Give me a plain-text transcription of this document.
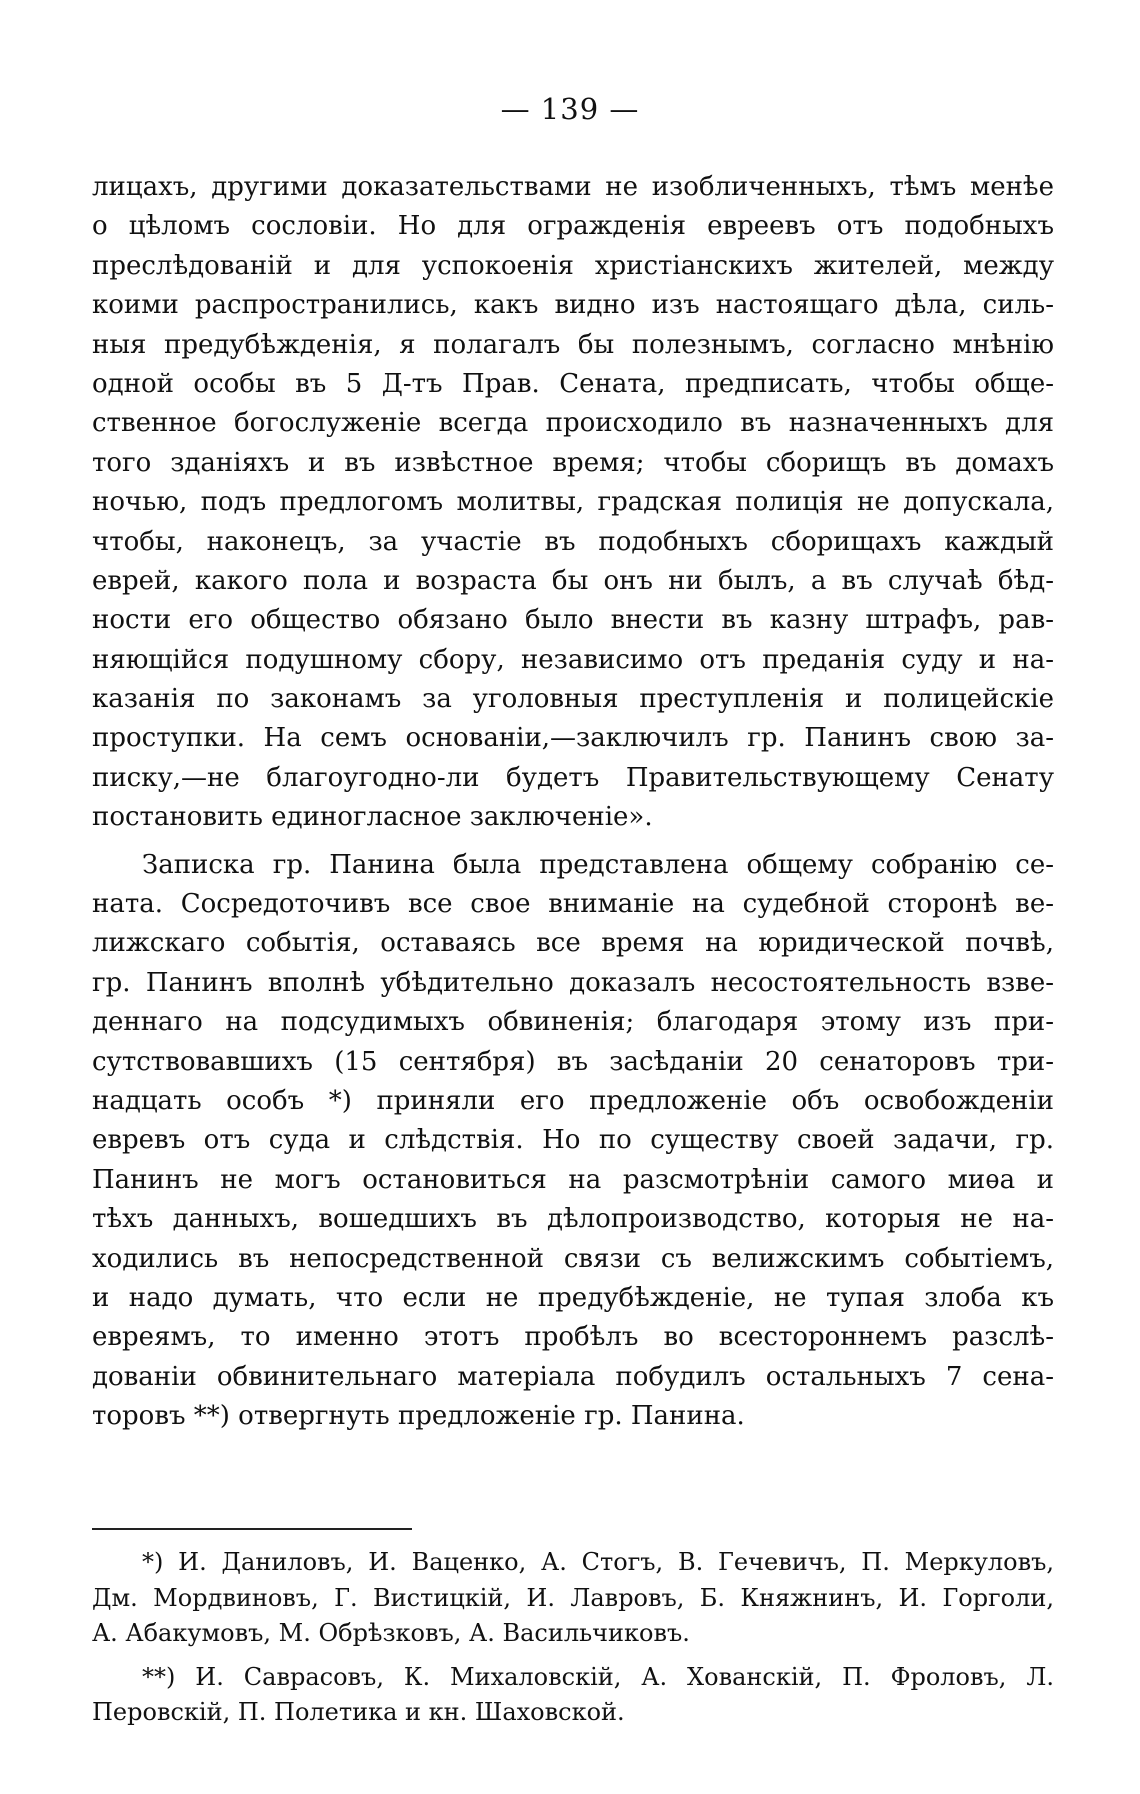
— 139 —
лицахъ, другими доказательствами не изобличенныхъ, тѣмъ менѣе
о цѣломъ сословіи. Но для огражденія евреевъ отъ подобныхъ
преслѣдованій и для успокоенія христіанскихъ жителей, между
коими распространились, какъ видно изъ настоящаго дѣла, силь-
ныя предубѣжденія, я полагалъ бы полезнымъ, согласно мнѣнію
одной особы въ 5 Д-тъ Прав. Сената, предписать, чтобы обще-
ственное богослуженіе всегда происходило въ назначенныхъ для
того зданіяхъ и въ извѣстное время; чтобы сборищъ въ домахъ
ночью, подъ предлогомъ молитвы, градская полиція не допускала,
чтобы, наконецъ, за участіе въ подобныхъ сборищахъ каждый
еврей, какого пола и возраста бы онъ ни былъ, а въ случаѣ бѣд-
ности его общество обязано было внести въ казну штрафъ, рав-
няющійся подушному сбору, независимо отъ преданія суду и на-
казанія по законамъ за уголовныя преступленія и полицейскіе
проступки. На семъ основаніи,—заключилъ гр. Панинъ свою за-
писку,—не благоугодно-ли будетъ Правительствующему Сенату
постановить единогласное заключеніе».
Записка гр. Панина была представлена общему собранію се-
ната. Сосредоточивъ все свое вниманіе на судебной сторонѣ ве-
лижскаго событія, оставаясь все время на юридической почвѣ,
гр. Панинъ вполнѣ убѣдительно доказалъ несостоятельность взве-
деннаго на подсудимыхъ обвиненія; благодаря этому изъ при-
сутствовавшихъ (15 сентября) въ засѣданіи 20 сенаторовъ три-
надцать особъ *) приняли его предложеніе объ освобожденіи
евревъ отъ суда и слѣдствія. Но по существу своей задачи, гр.
Панинъ не могъ остановиться на разсмотрѣніи самого миѳа и
тѣхъ данныхъ, вошедшихъ въ дѣлопроизводство, которыя не на-
ходились въ непосредственной связи съ велижскимъ событіемъ,
и надо думать, что если не предубѣжденіе, не тупая злоба къ
евреямъ, то именно этотъ пробѣлъ во всестороннемъ разслѣ-
дованіи обвинительнаго матеріала побудилъ остальныхъ 7 сена-
торовъ **) отвергнуть предложеніе гр. Панина.
*) И. Даниловъ, И. Ваценко, А. Стогъ, В. Гечевичъ, П. Меркуловъ,
Дм. Мордвиновъ, Г. Вистицкій, И. Лавровъ, Б. Княжнинъ, И. Горголи,
А. Абакумовъ, М. Обрѣзковъ, А. Васильчиковъ.
**) И. Саврасовъ, К. Михаловскій, А. Хованскій, П. Фроловъ, Л.
Перовскій, П. Полетика и кн. Шаховской.
